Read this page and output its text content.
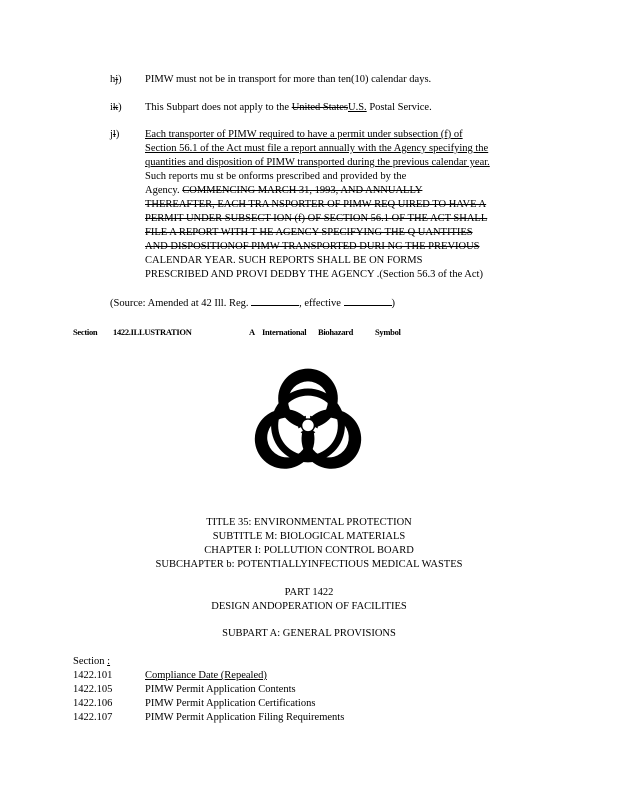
hj) PIMW must not be in transport for more than ten(10) calendar days.
ik) This Subpart does not apply to the United StatesU.S. Postal Service.
jl) Each transporter of PIMW required to have a permit under subsection (f) of
Section 56.1 of the Act must file a report annually with the Agency specifying the
quantities and disposition of PIMW transported during the previous calendar year.
Such reports mu st be onforms prescribed and provided by the
Agency. COMMENCING MARCH 31, 1993, AND ANNUALLY
THEREAFTER, EACH TRA NSPORTER OF PIMW REQ UIRED TO HAVE A
PERMIT UNDER SUBSECT ION (f) OF SECTION 56.1 OF THE ACT SHALL
FILE A REPORT WITH T HE AGENCY SPECIFYING THE Q UANTITIES
AND DISPOSITIONOF PIMW TRANSPORTED DURI NG THE PREVIOUS
CALENDAR YEAR. SUCH REPORTS SHALL BE ON FORMS
PRESCRIBED AND PROVI DEDBY THE AGENCY .(Section 56.3 of the Act)
(Source: Amended at 42 Ill. Reg.	, effective	)
Section 1422.ILLUSTRATION	A International Biohazard	Symbol
TITLE 35: ENVIRONMENTAL PROTECTION
SUBTITLE M: BIOLOGICAL MATERIALS
CHAPTER I: POLLUTION CONTROL BOARD
SUBCHAPTER b: POTENTIALLYINFECTIOUS MEDICAL WASTES
PART 1422
DESIGN ANDOPERATION OF FACILITIES
SUBPART A: GENERAL PROVISIONS
Section :
1422.101	Compliance Date (Repealed)
1422.105	PIMW Permit Application Contents
1422.106	PIMW Permit Application Certifications
1422.107	PIMW Permit Application Filing Requirements
